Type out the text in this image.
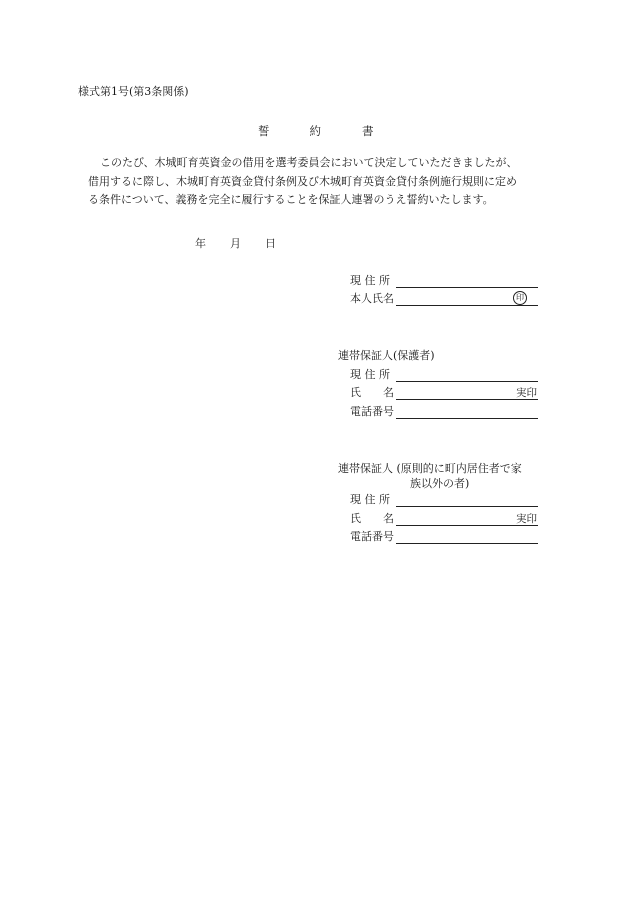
様式第1号(第3条関係)
誓	約	書
このたび、木城町育英資金の借用を選考委員会において決定していただきましたが、
借用するに際し、木城町育英資金貸付条例及び木城町育英資金貸付条例施行規則に定め
る条件について、義務を完全に履行することを保証人連署のうえ誓約いたします。
年 月 日
現 住 所
本人氏名	印
連帯保証人(保護者)
現 住 所
氏　　名	実印
電話番号
連帯保証人 (原則的に町内居住者で家
族以外の者)
現 住 所
氏　　名	実印
電話番号
